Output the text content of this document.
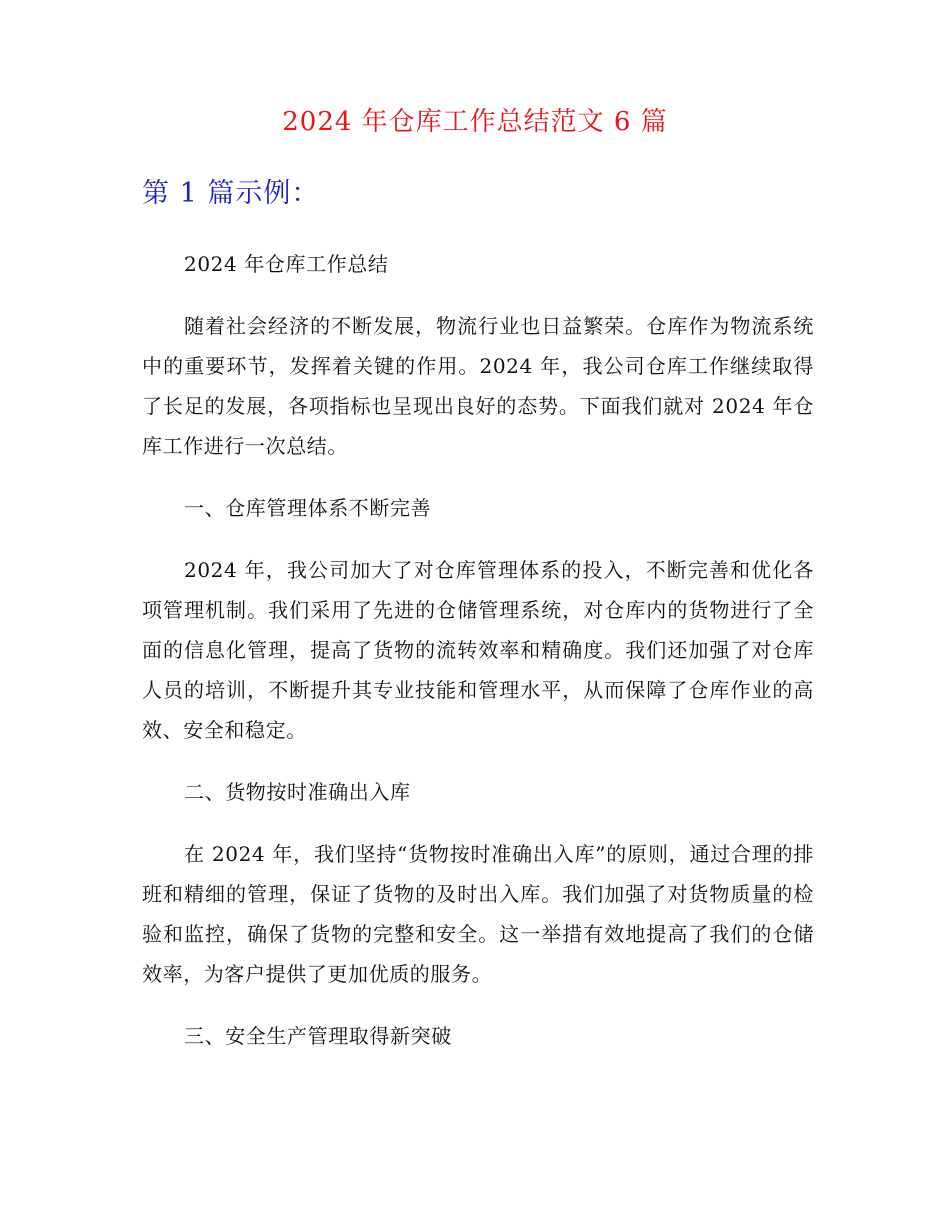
2024 年仓库工作总结范文 6 篇
第 1 篇示例：

2024 年仓库工作总结

随着社会经济的不断发展，物流行业也日益繁荣。仓库作为物流系统中的重要环节，发挥着关键的作用。2024 年，我公司仓库工作继续取得了长足的发展，各项指标也呈现出良好的态势。下面我们就对 2024 年仓库工作进行一次总结。

一、仓库管理体系不断完善

2024 年，我公司加大了对仓库管理体系的投入，不断完善和优化各项管理机制。我们采用了先进的仓储管理系统，对仓库内的货物进行了全面的信息化管理，提高了货物的流转效率和精确度。我们还加强了对仓库人员的培训，不断提升其专业技能和管理水平，从而保障了仓库作业的高效、安全和稳定。

二、货物按时准确出入库

在 2024 年，我们坚持“货物按时准确出入库”的原则，通过合理的排班和精细的管理，保证了货物的及时出入库。我们加强了对货物质量的检验和监控，确保了货物的完整和安全。这一举措有效地提高了我们的仓储效率，为客户提供了更加优质的服务。

三、安全生产管理取得新突破
